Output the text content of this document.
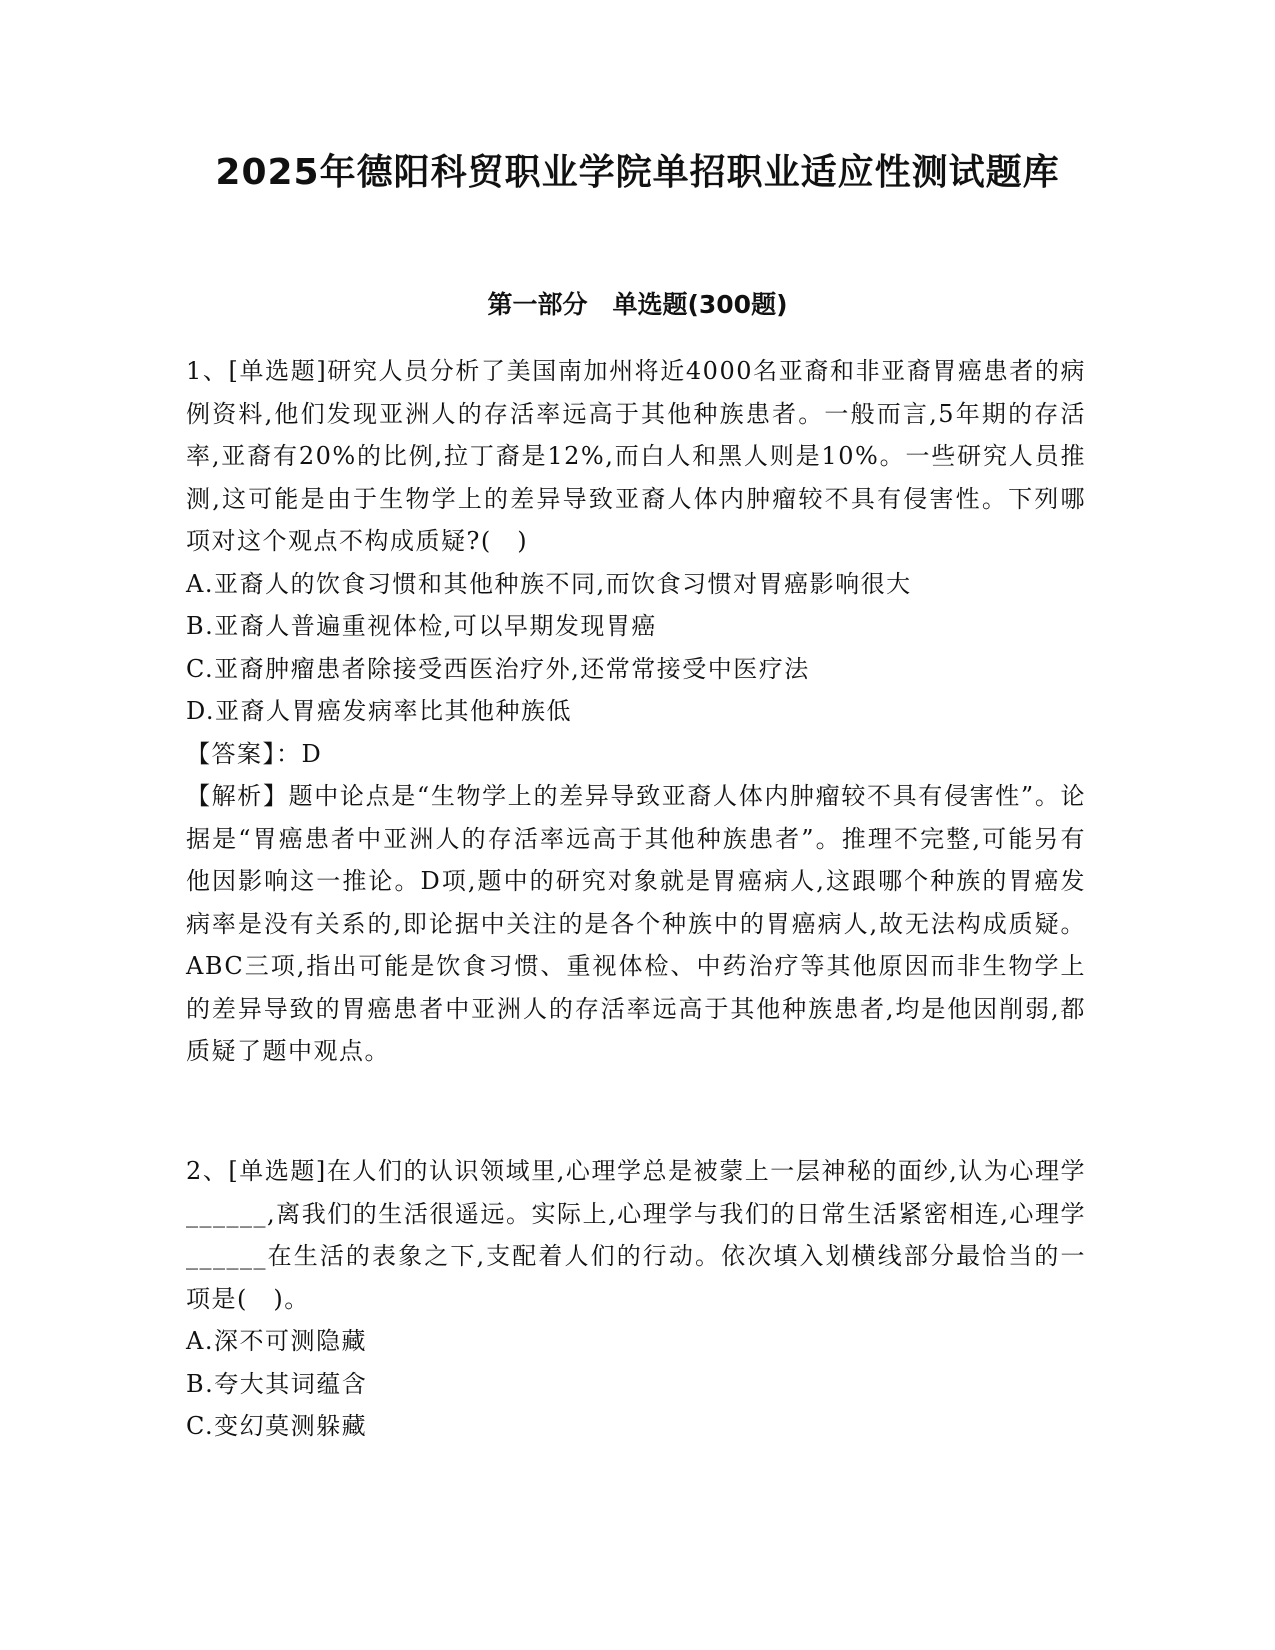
2025年德阳科贸职业学院单招职业适应性测试题库
第一部分　单选题(300题)

1、[单选题]研究人员分析了美国南加州将近4000名亚裔和非亚裔胃癌患者的病例资料,他们发现亚洲人的存活率远高于其他种族患者。一般而言,5年期的存活率,亚裔有20%的比例,拉丁裔是12%,而白人和黑人则是10%。一些研究人员推测,这可能是由于生物学上的差异导致亚裔人体内肿瘤较不具有侵害性。下列哪项对这个观点不构成质疑?(　)

A.亚裔人的饮食习惯和其他种族不同,而饮食习惯对胃癌影响很大

B.亚裔人普遍重视体检,可以早期发现胃癌

C.亚裔肿瘤患者除接受西医治疗外,还常常接受中医疗法

D.亚裔人胃癌发病率比其他种族低

【答案】：D

【解析】题中论点是“生物学上的差异导致亚裔人体内肿瘤较不具有侵害性”。论据是“胃癌患者中亚洲人的存活率远高于其他种族患者”。推理不完整,可能另有他因影响这一推论。D项,题中的研究对象就是胃癌病人,这跟哪个种族的胃癌发病率是没有关系的,即论据中关注的是各个种族中的胃癌病人,故无法构成质疑。ABC三项,指出可能是饮食习惯、重视体检、中药治疗等其他原因而非生物学上的差异导致的胃癌患者中亚洲人的存活率远高于其他种族患者,均是他因削弱,都质疑了题中观点。

2、[单选题]在人们的认识领域里,心理学总是被蒙上一层神秘的面纱,认为心理学______,离我们的生活很遥远。实际上,心理学与我们的日常生活紧密相连,心理学______在生活的表象之下,支配着人们的行动。依次填入划横线部分最恰当的一项是(　)。

A.深不可测隐藏

B.夸大其词蕴含

C.变幻莫测躲藏
